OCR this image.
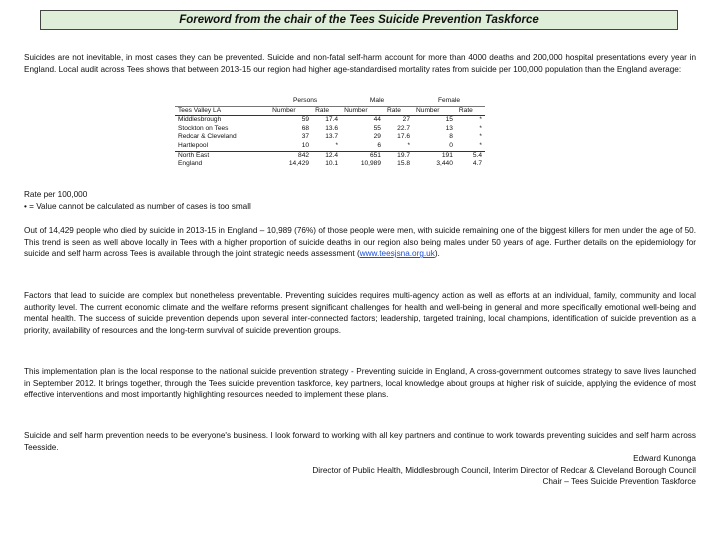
Foreword from the chair of the Tees Suicide Prevention Taskforce

Suicides are not inevitable, in most cases they can be prevented. Suicide and non-fatal self-harm account for more than 4000 deaths and 200,000 hospital presentations every year in England. Local audit across Tees shows that between 2013-15 our region had higher age-standardised mortality rates from suicide per 100,000 population than the England average:

	Persons		Male		Female	
Tees Valley LA	Number	Rate	Number	Rate	Number	Rate
Middlesbrough	59	17.4	44	27	15	*
Stockton on Tees	68	13.6	55	22.7	13	*
Redcar & Cleveland	37	13.7	29	17.6	8	*
Hartlepool	10	*	6	*	0	*
North East	842	12.4	651	19.7	191	5.4
England	14,429	10.1	10,989	15.8	3,440	4.7
Rate per 100,000
• = Value cannot be calculated as number of cases is too small

Out of 14,429 people who died by suicide in 2013-15 in England – 10,989 (76%) of those people were men, with suicide remaining one of the biggest killers for men under the age of 50. This trend is seen as well above locally in Tees with a higher proportion of suicide deaths in our region also being males under 50 years of age. Further details on the epidemiology for suicide and self harm across Tees is available through the joint strategic needs assessment (www.teesjsna.org.uk).

Factors that lead to suicide are complex but nonetheless preventable. Preventing suicides requires multi-agency action as well as efforts at an individual, family, community and local authority level. The current economic climate and the welfare reforms present significant challenges for health and well-being in general and more specifically emotional well-being and mental health. The success of suicide prevention depends upon several inter-connected factors; leadership, targeted training, local champions, identification of suicide prevention as a priority, availability of resources and the long-term survival of suicide prevention groups.

This implementation plan is the local response to the national suicide prevention strategy - Preventing suicide in England, A cross-government outcomes strategy to save lives launched in September 2012. It brings together, through the Tees suicide prevention taskforce, key partners, local knowledge about groups at higher risk of suicide, applying the evidence of most effective interventions and most importantly highlighting resources needed to implement these plans.

Suicide and self harm prevention needs to be everyone's business. I look forward to working with all key partners and continue to work towards preventing suicides and self harm across Teesside.

Edward Kunonga
Director of Public Health, Middlesbrough Council, Interim Director of Redcar & Cleveland Borough Council
Chair – Tees Suicide Prevention Taskforce
